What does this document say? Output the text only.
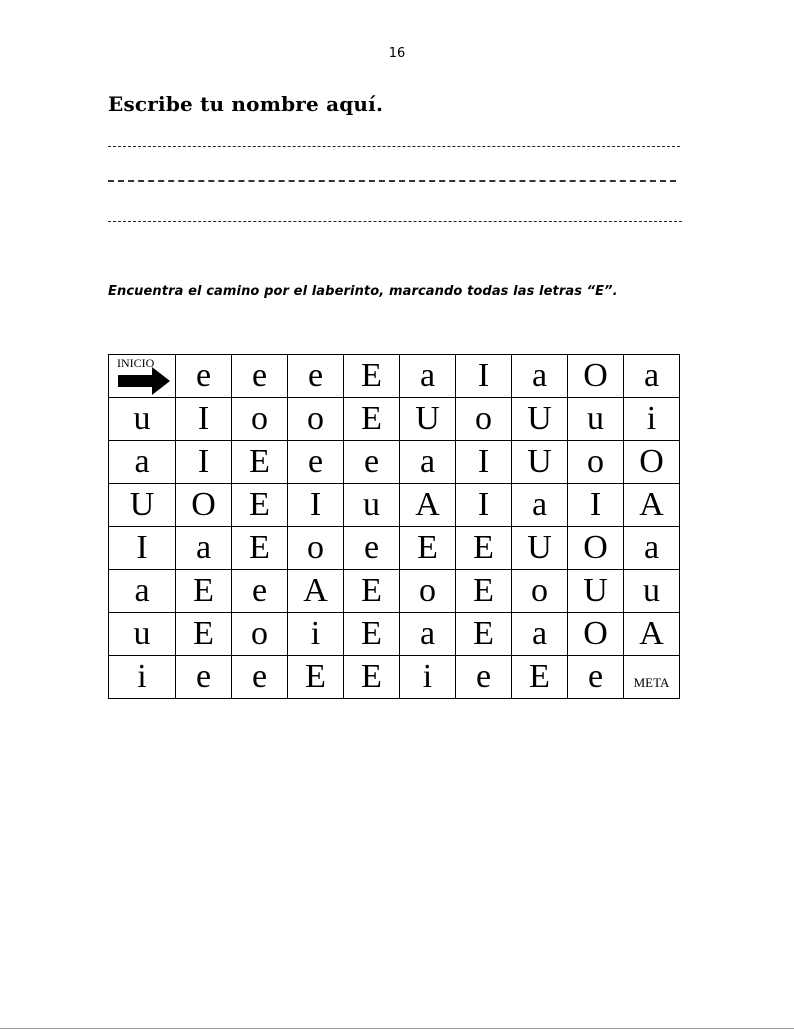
16
Escribe tu nombre aquí.
Encuentra el camino por el laberinto, marcando todas las letras “E”.
INICIO	e	e	e	E	a	I	a	O	a
u	I	o	o	E	U	o	U	u	i
a	I	E	e	e	a	I	U	o	O
U	O	E	I	u	A	I	a	I	A
I	a	E	o	e	E	E	U	O	a
a	E	e	A	E	o	E	o	U	u
u	E	o	i	E	a	E	a	O	A
i	e	e	E	E	i	e	E	e	META
